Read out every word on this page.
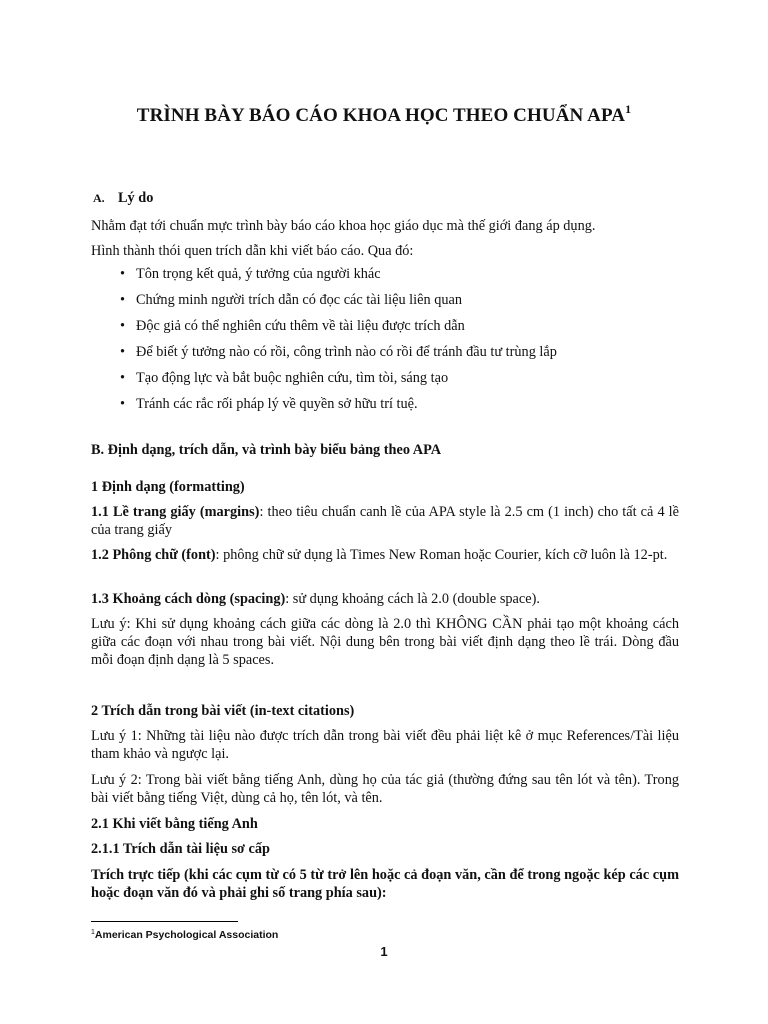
TRÌNH BÀY BÁO CÁO KHOA HỌC THEO CHUẨN APA$^1$
A. Lý do
Nhằm đạt tới chuẩn mực trình bày báo cáo khoa học giáo dục mà thế giới đang áp dụng.
Hình thành thói quen trích dẫn khi viết báo cáo. Qua đó:
• Tôn trọng kết quả, ý tưởng của người khác
• Chứng minh người trích dẫn có đọc các tài liệu liên quan
• Độc giả có thể nghiên cứu thêm về tài liệu được trích dẫn
• Để biết ý tưởng nào có rồi, công trình nào có rồi để tránh đầu tư trùng lắp
• Tạo động lực và bắt buộc nghiên cứu, tìm tòi, sáng tạo
• Tránh các rắc rối pháp lý về quyền sở hữu trí tuệ.
B. Định dạng, trích dẫn, và trình bày biểu bảng theo APA
1 Định dạng (formatting)
1.1 Lề trang giấy (margins): theo tiêu chuẩn canh lề của APA style là 2.5 cm (1 inch) cho tất cả 4 lề của trang giấy
1.2 Phông chữ (font): phông chữ sử dụng là Times New Roman hoặc Courier, kích cỡ luôn là 12-pt.
1.3 Khoảng cách dòng (spacing): sử dụng khoảng cách là 2.0 (double space).
Lưu ý: Khi sử dụng khoảng cách giữa các dòng là 2.0 thì KHÔNG CẦN phải tạo một khoảng cách giữa các đoạn với nhau trong bài viết. Nội dung bên trong bài viết định dạng theo lề trái. Dòng đầu mỗi đoạn định dạng là 5 spaces.
2 Trích dẫn trong bài viết (in-text citations)
Lưu ý 1: Những tài liệu nào được trích dẫn trong bài viết đều phải liệt kê ở mục References/Tài liệu tham khảo và ngược lại.
Lưu ý 2: Trong bài viết bằng tiếng Anh, dùng họ của tác giả (thường đứng sau tên lót và tên). Trong bài viết bằng tiếng Việt, dùng cả họ, tên lót, và tên.
2.1 Khi viết bằng tiếng Anh
2.1.1 Trích dẫn tài liệu sơ cấp
Trích trực tiếp (khi các cụm từ có 5 từ trở lên hoặc cả đoạn văn, cần để trong ngoặc kép các cụm hoặc đoạn văn đó và phải ghi số trang phía sau):
$^1$American Psychological Association
1
